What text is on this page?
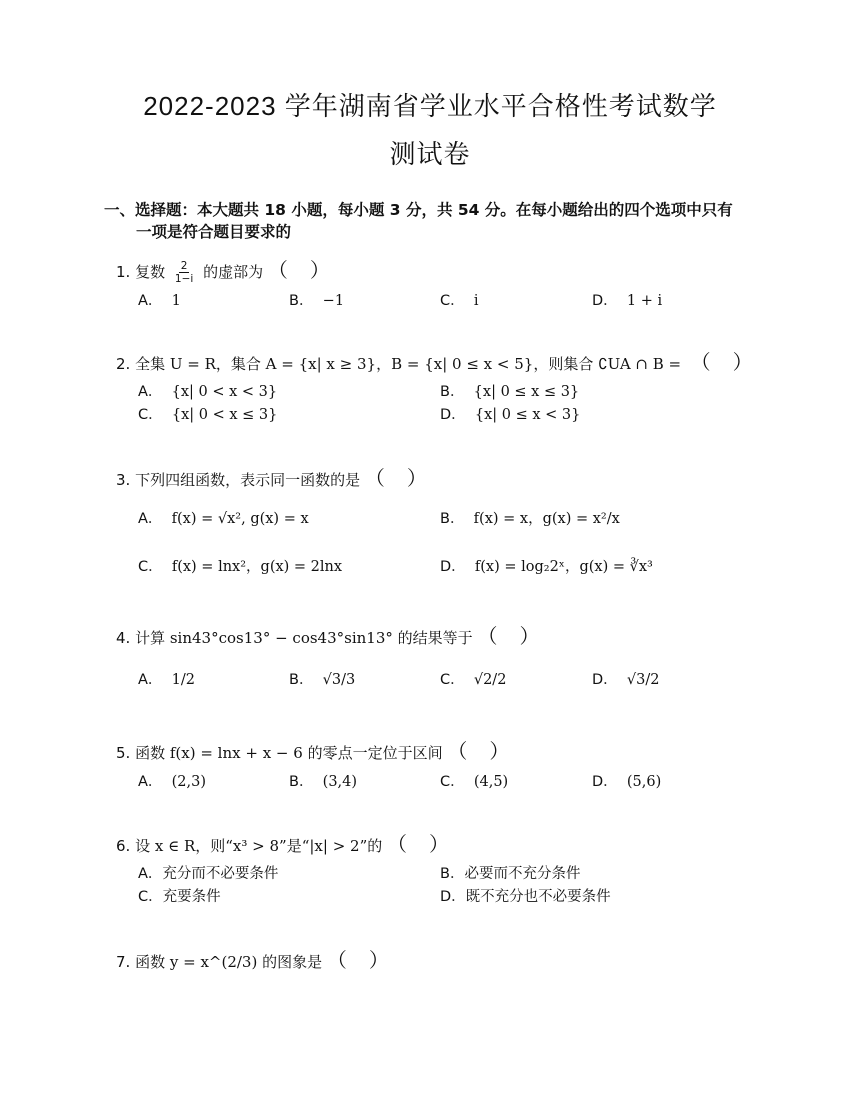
2022-2023 学年湖南省学业水平合格性考试数学
测试卷
一、选择题：本大题共 18 小题，每小题 3 分，共 54 分。在每小题给出的四个选项中只有
一项是符合题目要求的
1. 复数 $\frac{2}{1-i}$ 的虚部为 （ ）
A． 1	B． −1	C． i	D． 1 + i
2. 全集 U = R，集合 A = {x| x ≥ 3}，B = {x| 0 ≤ x < 5}，则集合 ∁UA ∩ B = （ ）
A． {x| 0 < x < 3}	B． {x| 0 ≤ x ≤ 3}
C． {x| 0 < x ≤ 3}	D． {x| 0 ≤ x < 3}
3. 下列四组函数，表示同一函数的是 （ ）
A． f(x) = √x², g(x) = x	B． f(x) = x，g(x) = x²/x
C． f(x) = lnx²，g(x) = 2lnx	D． f(x) = log₂2ˣ，g(x) = ∛x³
4. 计算 sin43°cos13° − cos43°sin13° 的结果等于 （ ）
A． 1/2	B． √3/3	C． √2/2	D． √3/2
5. 函数 f(x) = lnx + x − 6 的零点一定位于区间 （ ）
A． (2,3)	B． (3,4)	C． (4,5)	D． (5,6)
6. 设 x ∈ R，则“x³ > 8”是“|x| > 2”的 （ ）
A．充分而不必要条件	B．必要而不充分条件
C．充要条件	D．既不充分也不必要条件
7. 函数 y = x^(2/3) 的图象是 （ ）
